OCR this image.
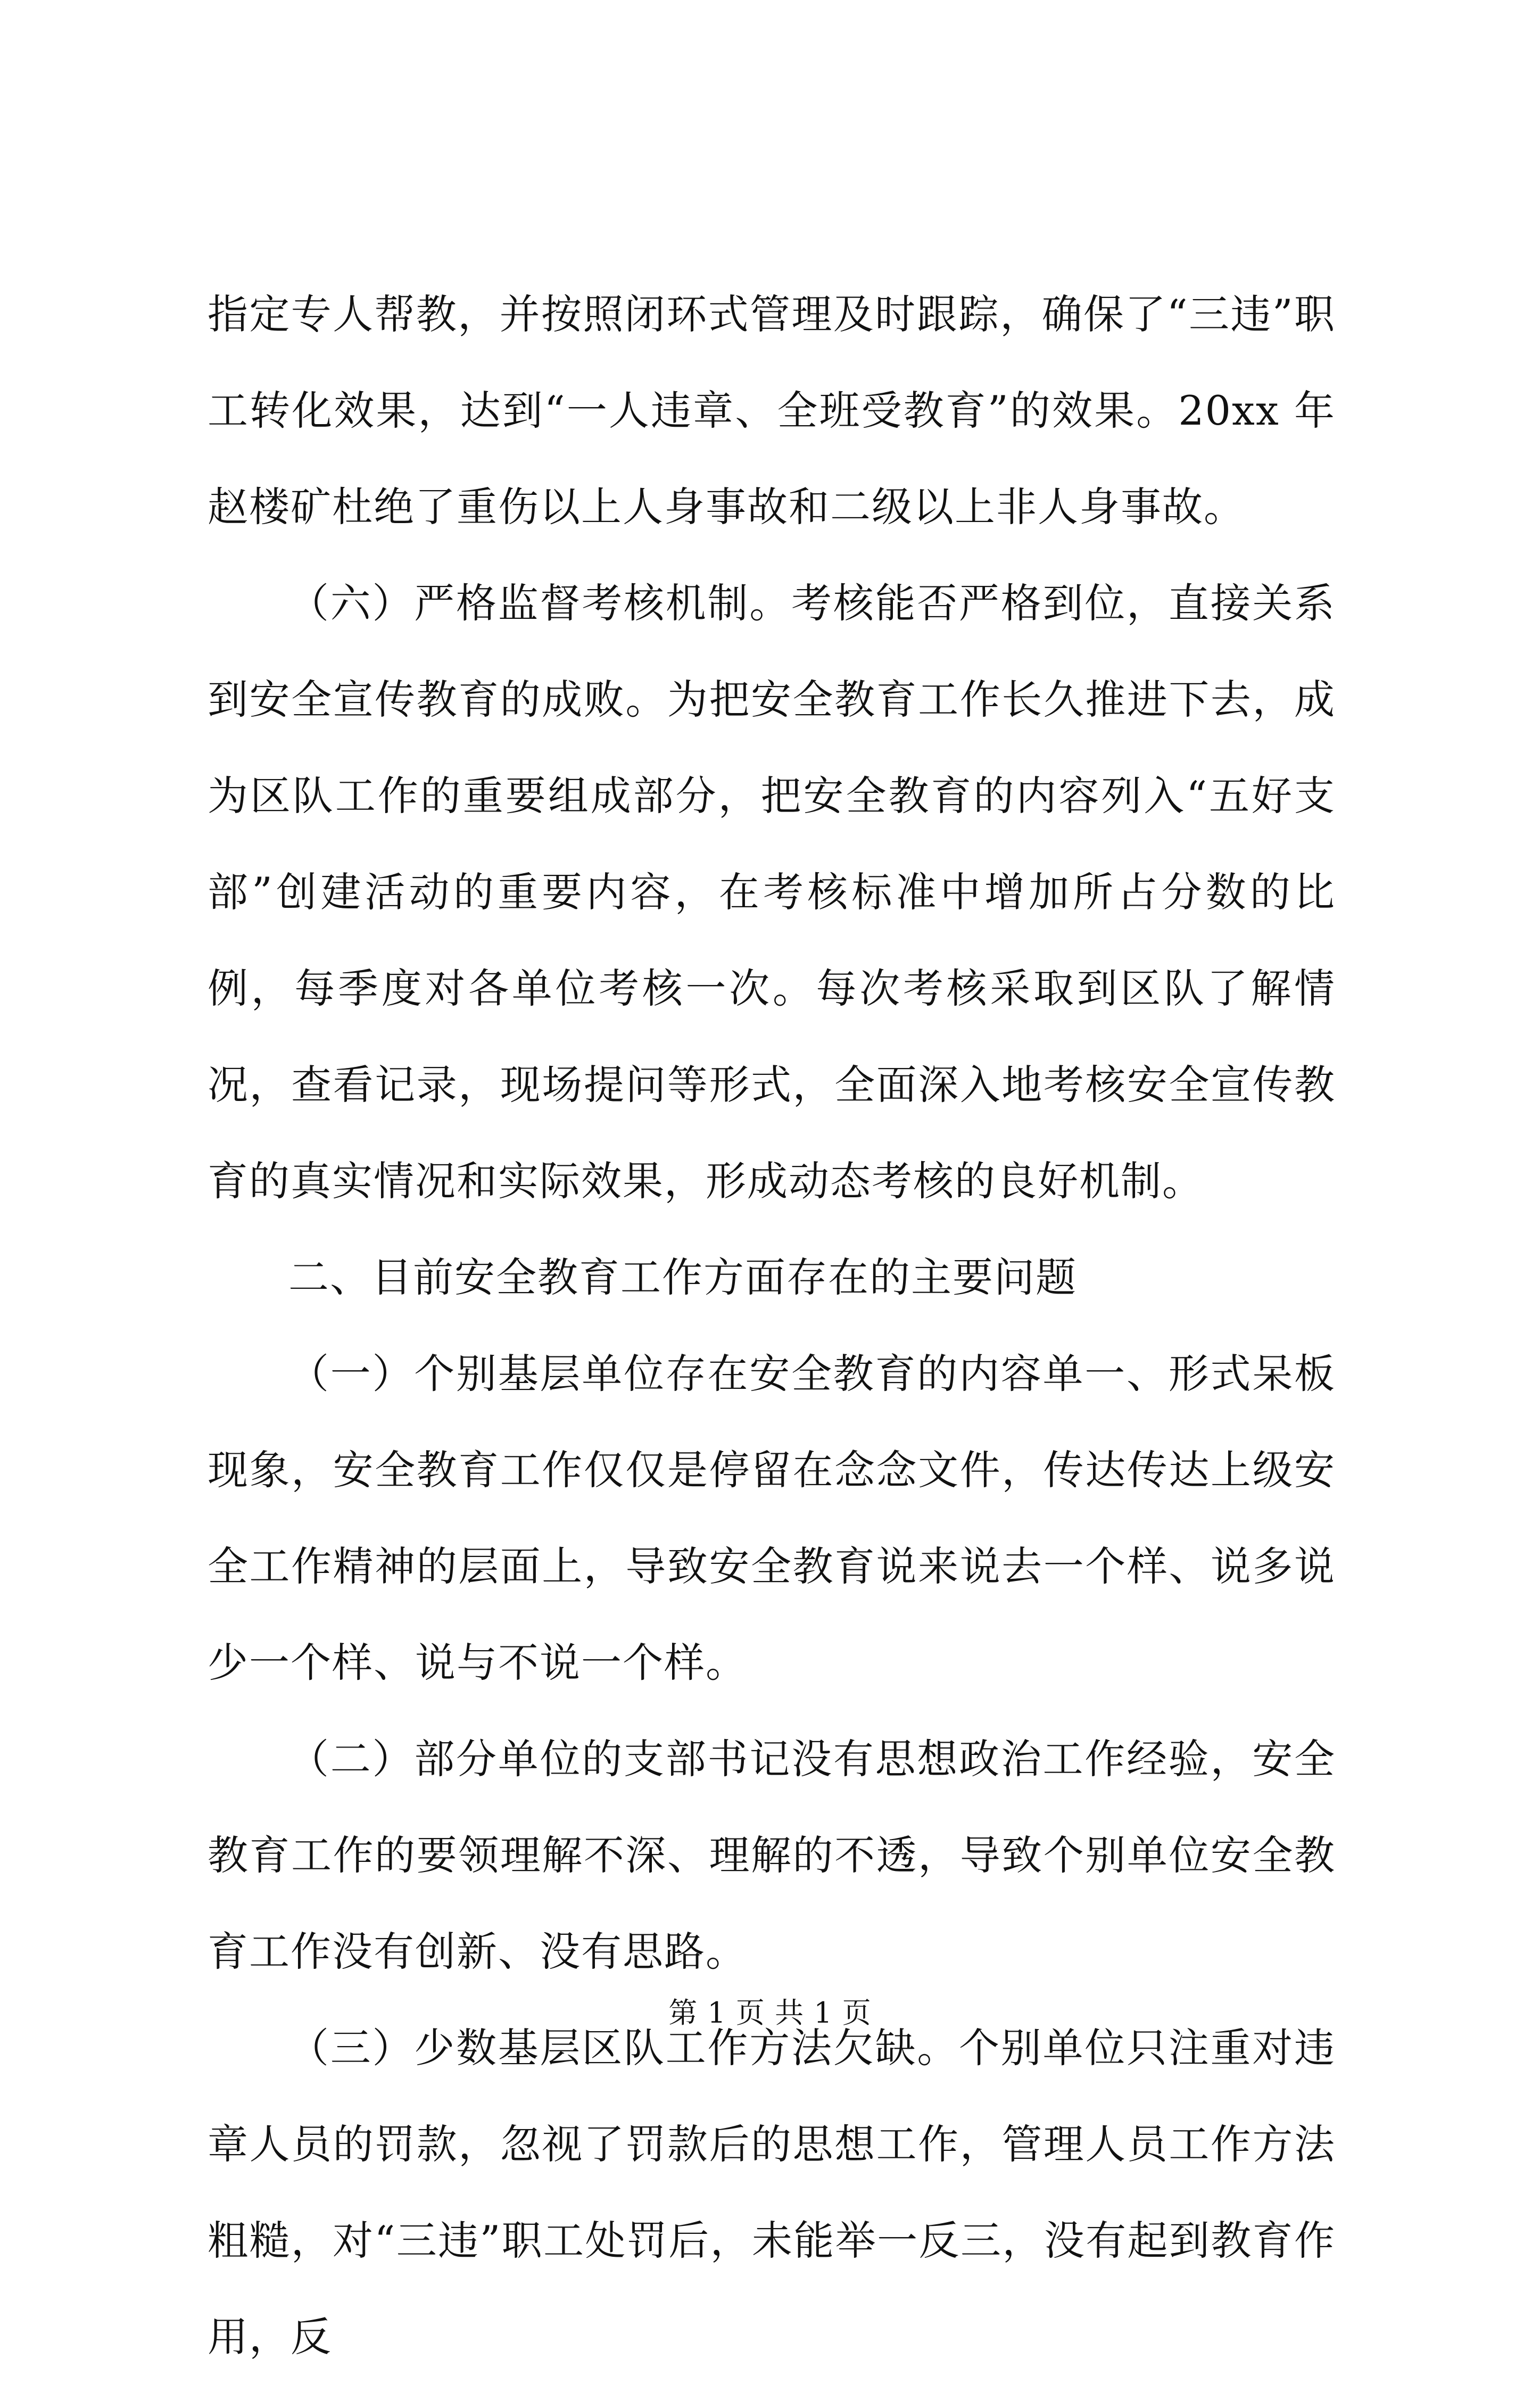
指定专人帮教，并按照闭环式管理及时跟踪，确保了“三违”职工转化效果，达到“一人违章、全班受教育”的效果。20xx 年赵楼矿杜绝了重伤以上人身事故和二级以上非人身事故。

（六）严格监督考核机制。考核能否严格到位，直接关系到安全宣传教育的成败。为把安全教育工作长久推进下去，成为区队工作的重要组成部分，把安全教育的内容列入“五好支部”创建活动的重要内容，在考核标准中增加所占分数的比例，每季度对各单位考核一次。每次考核采取到区队了解情况，查看记录，现场提问等形式，全面深入地考核安全宣传教育的真实情况和实际效果，形成动态考核的良好机制。

二、目前安全教育工作方面存在的主要问题

（一）个别基层单位存在安全教育的内容单一、形式呆板现象，安全教育工作仅仅是停留在念念文件，传达传达上级安全工作精神的层面上，导致安全教育说来说去一个样、说多说少一个样、说与不说一个样。

（二）部分单位的支部书记没有思想政治工作经验，安全教育工作的要领理解不深、理解的不透，导致个别单位安全教育工作没有创新、没有思路。

（三）少数基层区队工作方法欠缺。个别单位只注重对违章人员的罚款，忽视了罚款后的思想工作，管理人员工作方法粗糙，对“三违”职工处罚后，未能举一反三，没有起到教育作用，反

第 1 页 共 1 页
